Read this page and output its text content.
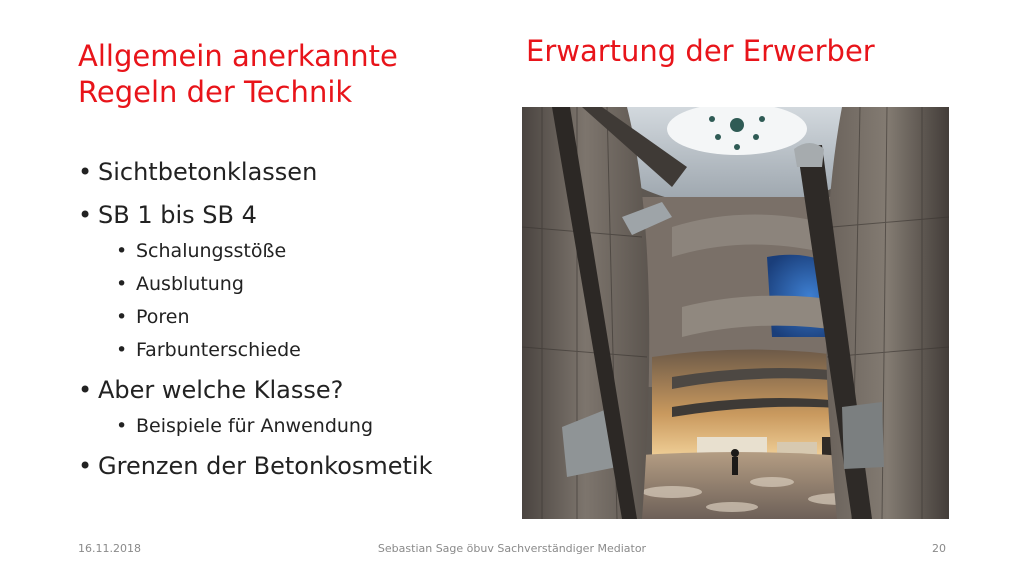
Allgemein anerkannte
Regeln der Technik
Erwartung der Erwerber
• Sichtbetonklassen
• SB 1 bis SB 4
• Schalungsstöße
• Ausblutung
• Poren
• Farbunterschiede
• Aber welche Klasse?
• Beispiele für Anwendung
• Grenzen der Betonkosmetik
16.11.2018	Sebastian Sage öbuv Sachverständiger Mediator	20
